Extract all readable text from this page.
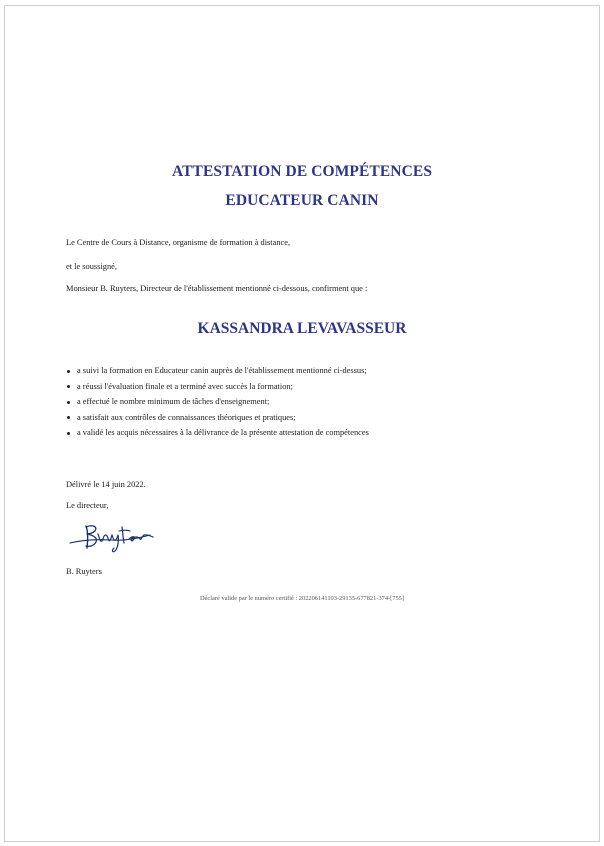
ATTESTATION DE COMPÉTENCES
EDUCATEUR CANIN
Le Centre de Cours à Distance, organisme de formation à distance,
et le soussigné,
Monsieur B. Ruyters, Directeur de l'établissement mentionné ci-dessous, confirment que :
KASSANDRA LEVAVASSEUR
a suivi la formation en Educateur canin auprès de l'établissement mentionné ci-dessus;
a réussi l'évaluation finale et a terminé avec succès la formation;
a effectué le nombre minimum de tâches d'enseignement;
a satisfait aux contrôles de connaissances théoriques et pratiques;
a validé les acquis nécessaires à la délivrance de la présente attestation de compétences
Délivré le 14 juin 2022.
Le directeur,
B. Ruyters
Déclaré valide par le numéro certifié : 202206141103-29135-677821-374-[755]
